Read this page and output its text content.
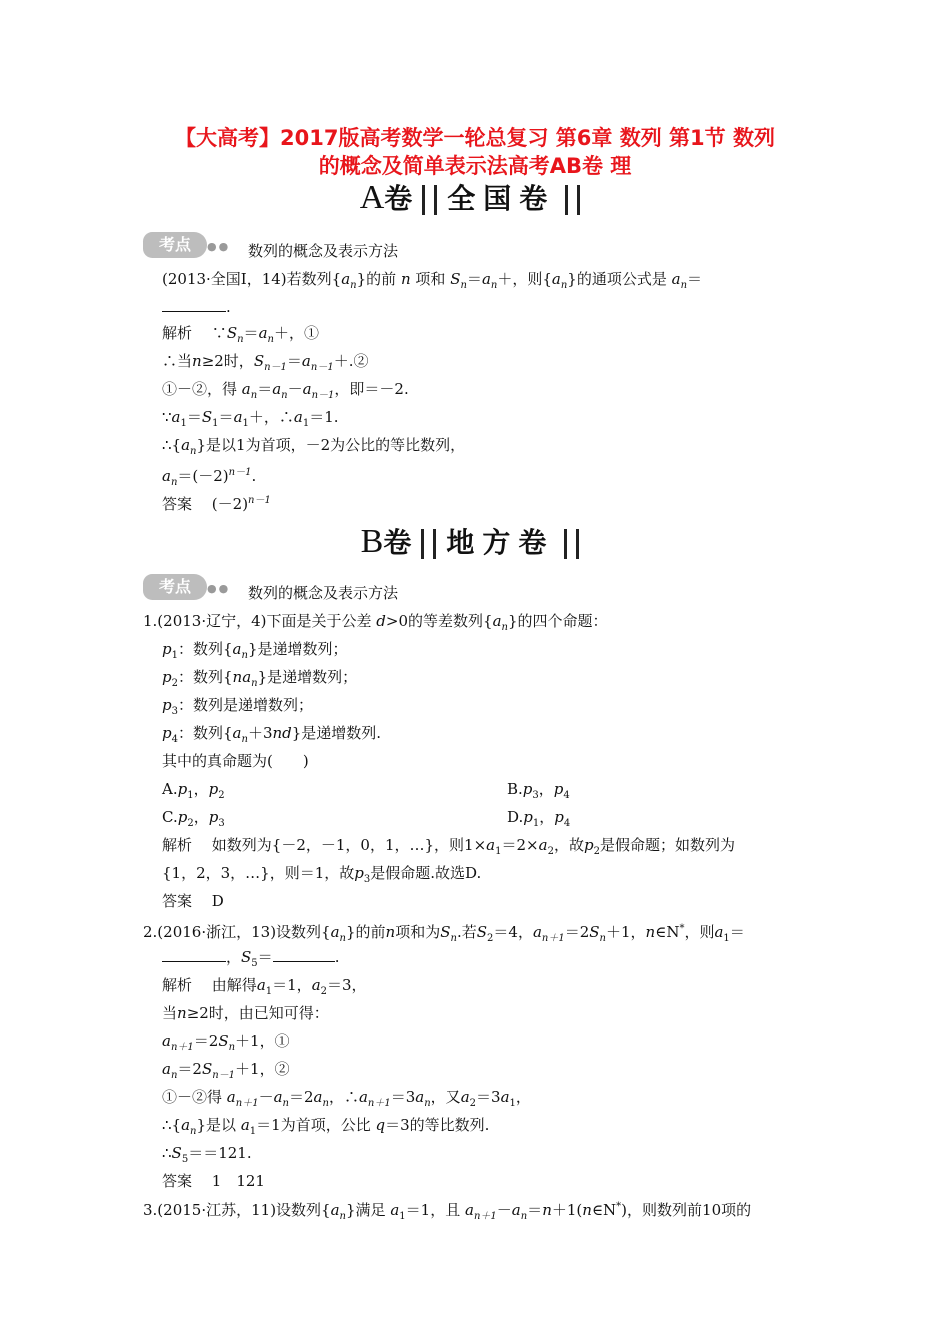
【大高考】2017版高考数学一轮总复习 第6章 数列 第1节 数列
的概念及简单表示法高考AB卷 理
A卷 全国卷
考点	●● 数列的概念及表示方法
(2013·全国Ⅰ，14)若数列$\{a_n\}$的前 n 项和 $S_n=a_n+$，则$\{a_n\}$的通项公式是 $a_n=$
.
解析　 $\because S_n=a_n+$，①
∴当n≥2时，$S_{n-1}=a_{n-1}+.②$
①－②，得 $a_n=a_n-a_{n-1}$，即＝－2.
$\because a_1=S_1=a_1+$，$\therefore a_1=1$.
$\therefore\{a_n\}$是以1为首项，－2为公比的等比数列，
$a_n=(-2)^{n-1}$.
答案　 $(-2)^{n-1}$
B卷 地方卷
考点	●● 数列的概念及表示方法
1.(2013·辽宁，4)下面是关于公差 d>0的等差数列$\{a_n\}$的四个命题：
$p_1$：数列$\{a_n\}$是递增数列；
$p_2$：数列$\{na_n\}$是递增数列；
$p_3$：数列是递增数列；
$p_4$：数列$\{a_n+3nd\}$是递增数列.
其中的真命题为(　　)
$A.p_1$，$p_2$	$B.p_3$，$p_4$
$C.p_2$，$p_3$	$D.p_1$，$p_4$
解析　 如数列为{－2，－1，0，1，…}，则$1\times a_1=2\times a_2$，故$p_2$是假命题；如数列为
{1，2，3，…}，则＝1，故$p_3$是假命题.故选D.
答案　 D
2.(2016·浙江，13)设数列$\{a_n\}$的前n项和为$S_n$.若$S_2=4$，$a_{n+1}=2S_n+1$，n∈N*，则$a_1=$
，$S_5=$	.
解析　 由解得$a_1=1$，$a_2=3$，
当n≥2时，由已知可得：
$a_{n+1}=2S_n+1$，①
$a_n=2S_{n-1}+1$，②
①－②得 $a_{n+1}-a_n=2a_n$，$\therefore a_{n+1}=3a_n$，又$a_2=3a_1$，
$\therefore\{a_n\}$是以 $a_1=1$为首项，公比 q＝3的等比数列.
$\therefore S_5==121$.
答案　 1　121
3.(2015·江苏，11)设数列$\{a_n\}$满足 $a_1=1$，且 $a_{n+1}-a_n=n+1(n\in N^*)$，则数列前10项的
